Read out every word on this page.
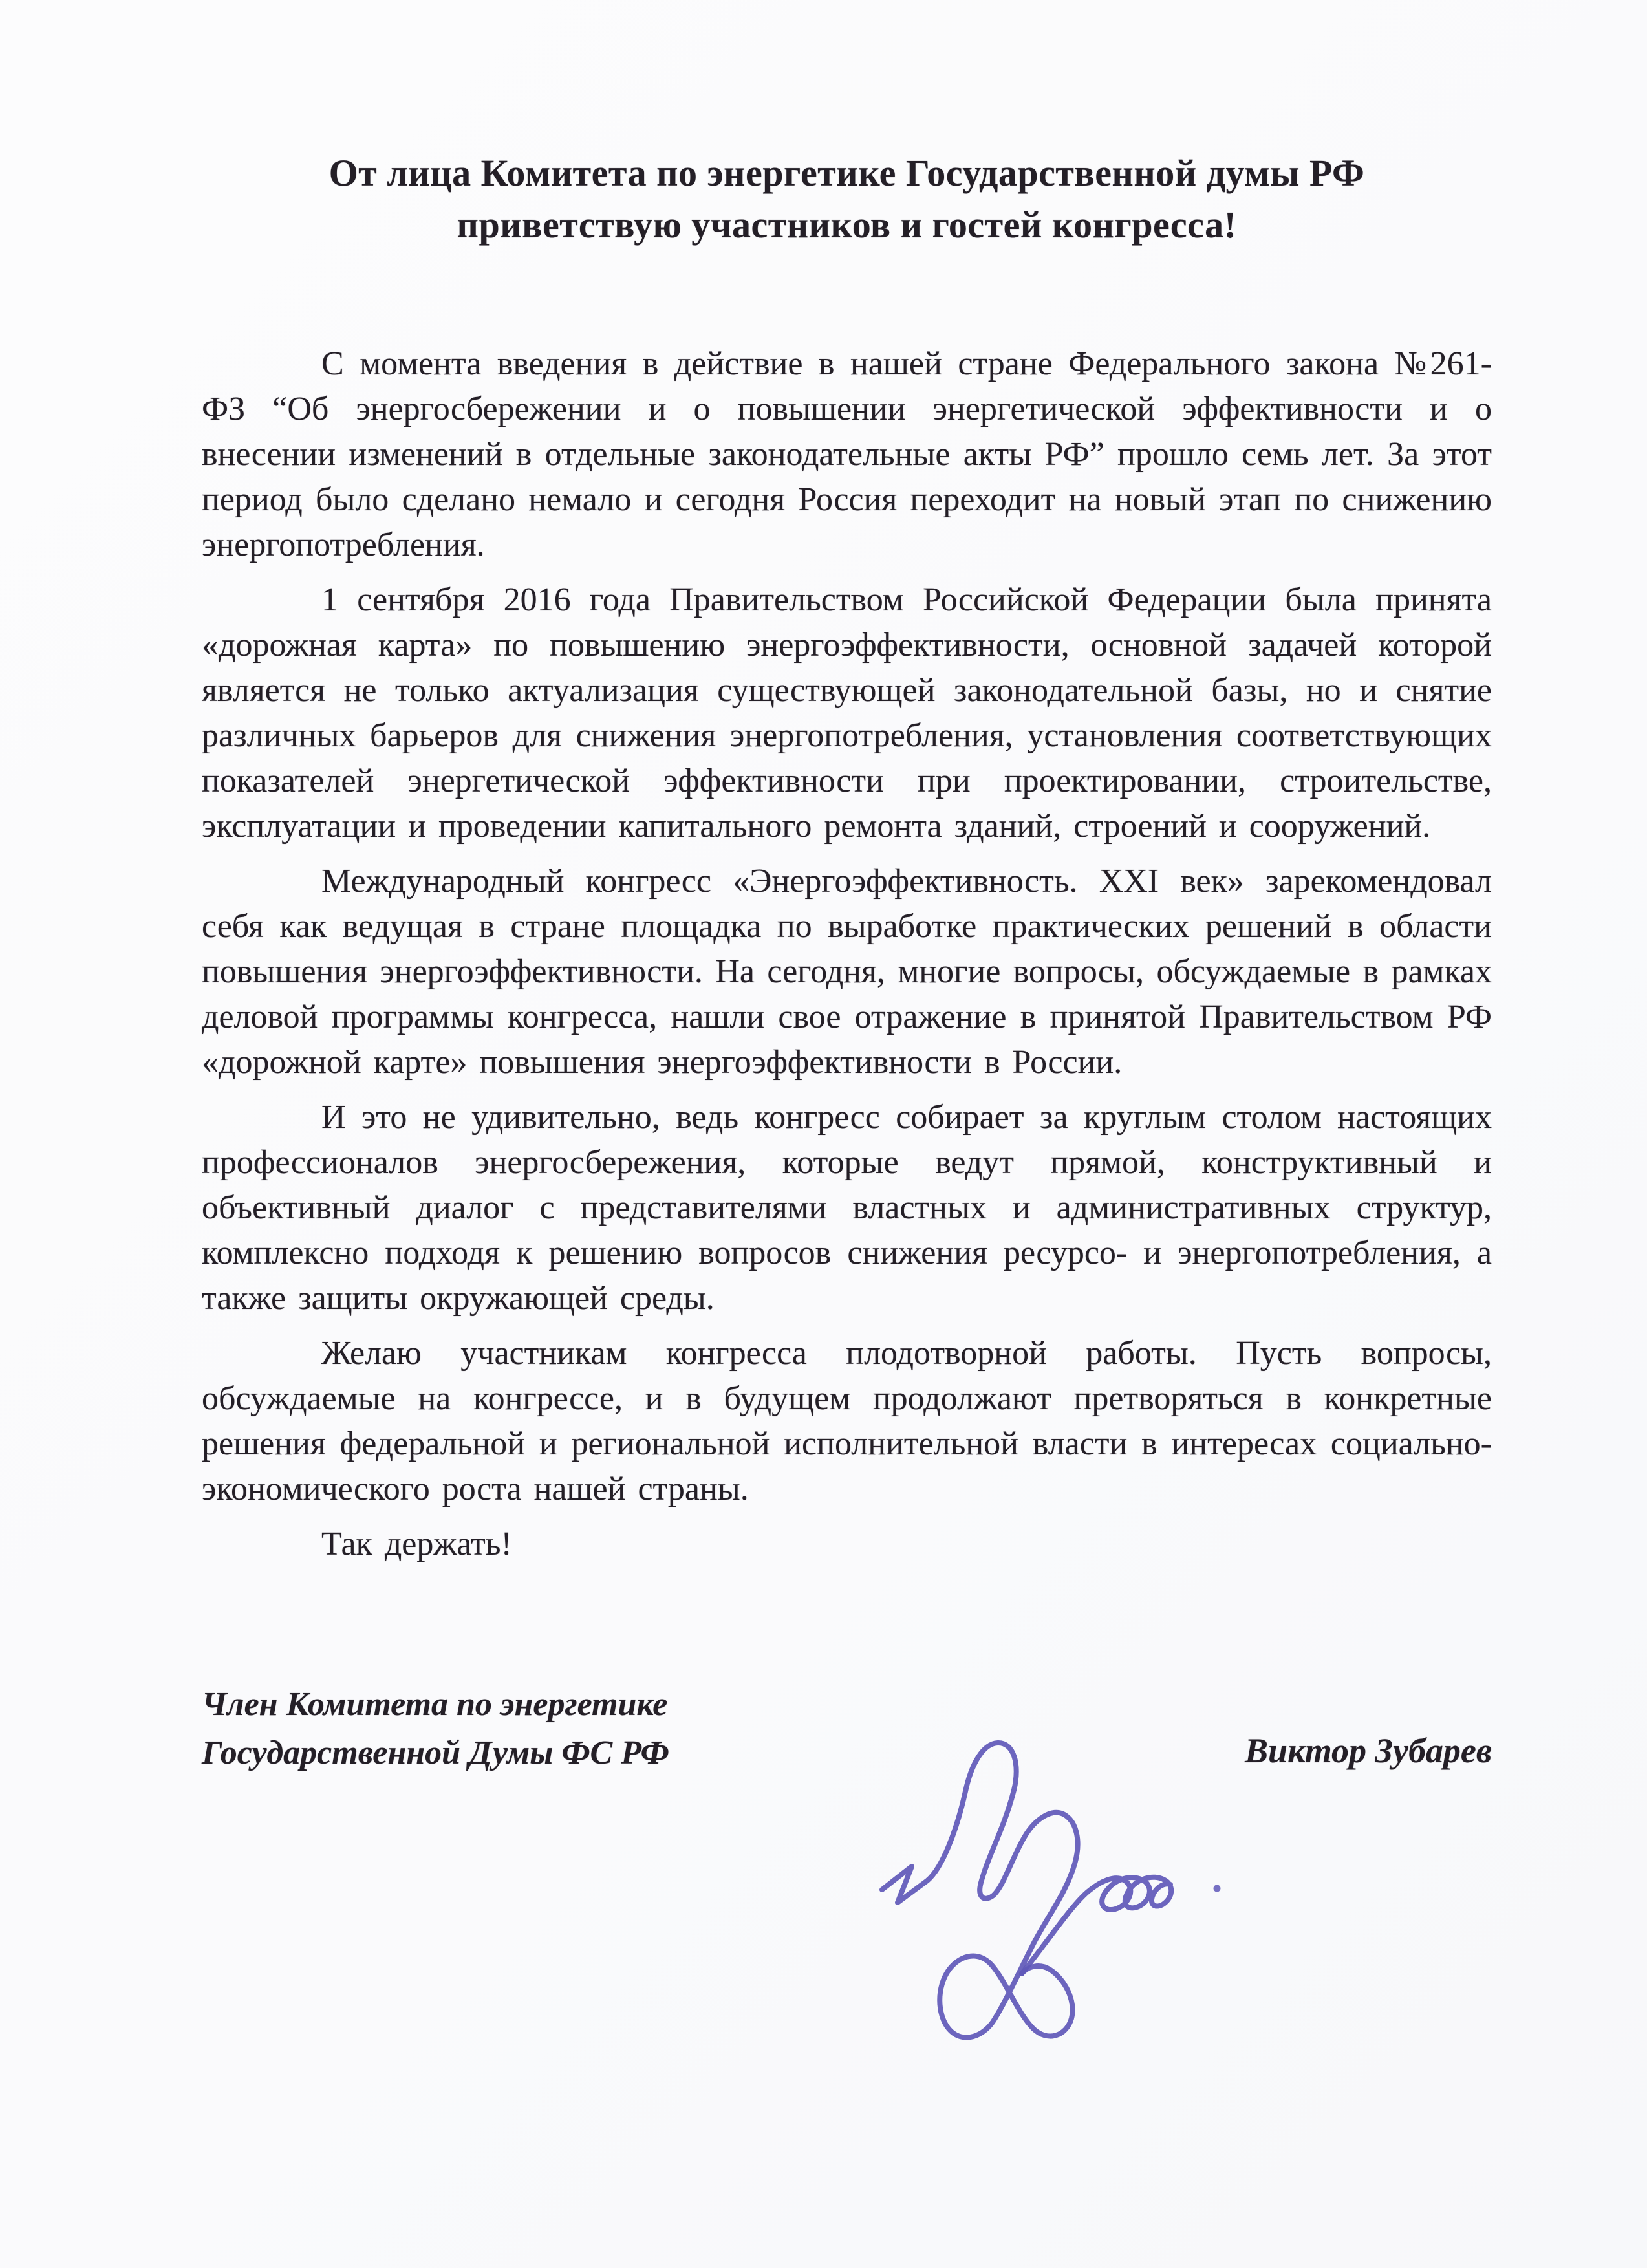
От лица Комитета по энергетике Государственной думы РФ
приветствую участников и гостей конгресса!

С момента введения в действие в нашей стране Федерального закона №261-ФЗ “Об энергосбережении и о повышении энергетической эффективности и о внесении изменений в отдельные законодательные акты РФ” прошло семь лет. За этот период было сделано немало и сегодня Россия переходит на новый этап по снижению энергопотребления.

1 сентября 2016 года Правительством Российской Федерации была принята «дорожная карта» по повышению энергоэффективности, основной задачей которой является не только актуализация существующей законодательной базы, но и снятие различных барьеров для снижения энергопотребления, установления соответствующих показателей энергетической эффективности при проектировании, строительстве, эксплуатации и проведении капитального ремонта зданий, строений и сооружений.

Международный конгресс «Энергоэффективность. XXI век» зарекомендовал себя как ведущая в стране площадка по выработке практических решений в области повышения энергоэффективности. На сегодня, многие вопросы, обсуждаемые в рамках деловой программы конгресса, нашли свое отражение в принятой Правительством РФ «дорожной карте» повышения энергоэффективности в России.

И это не удивительно, ведь конгресс собирает за круглым столом настоящих профессионалов энергосбережения, которые ведут прямой, конструктивный и объективный диалог с представителями властных и административных структур, комплексно подходя к решению вопросов снижения ресурсо- и энергопотребления, а также защиты окружающей среды.

Желаю участникам конгресса плодотворной работы. Пусть вопросы, обсуждаемые на конгрессе, и в будущем продолжают претворяться в конкретные решения федеральной и региональной исполнительной власти в интересах социально-экономического роста нашей страны.

Так держать!

Член Комитета по энергетике
Государственной Думы ФС РФ	Виктор Зубарев
